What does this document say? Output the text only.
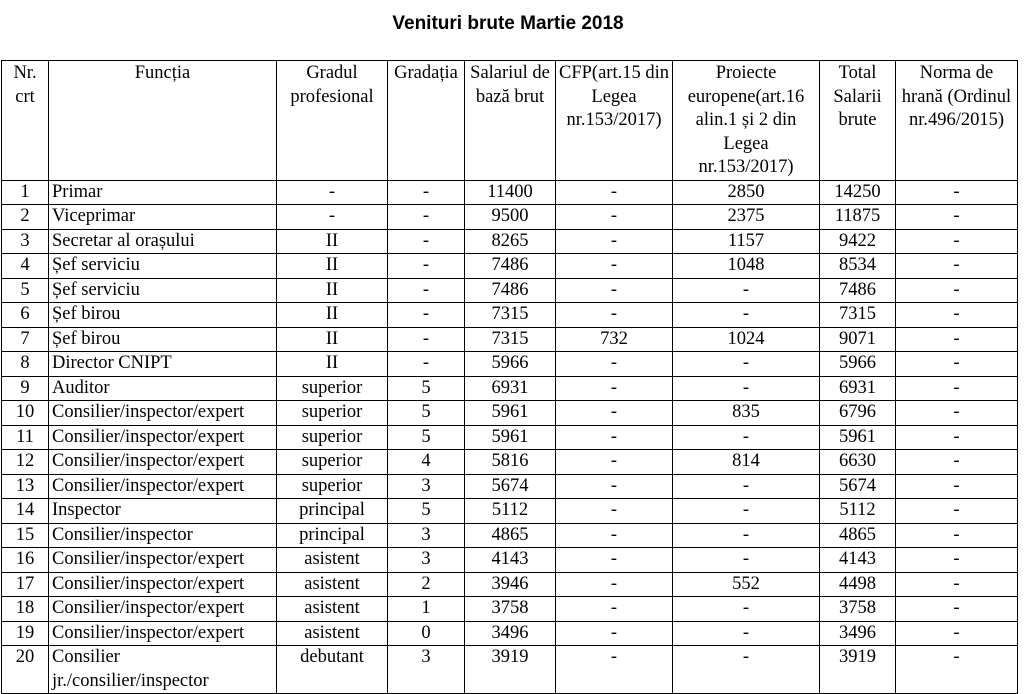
Venituri brute Martie 2018
Nr. crt	Funcția	Gradul profesional	Gradația	Salariul de bază brut	CFP(art.15 din Legea nr.153/2017)	Proiecte europene(art.16 alin.1 și 2 din Legea nr.153/2017)	Total Salarii brute	Norma de hrană (Ordinul nr.496/2015)
1	Primar	-	-	11400	-	2850	14250	-
2	Viceprimar	-	-	9500	-	2375	11875	-
3	Secretar al orașului	II	-	8265	-	1157	9422	-
4	Șef serviciu	II	-	7486	-	1048	8534	-
5	Șef serviciu	II	-	7486	-	-	7486	-
6	Șef birou	II	-	7315	-	-	7315	-
7	Șef birou	II	-	7315	732	1024	9071	-
8	Director CNIPT	II	-	5966	-	-	5966	-
9	Auditor	superior	5	6931	-	-	6931	-
10	Consilier/inspector/expert	superior	5	5961	-	835	6796	-
11	Consilier/inspector/expert	superior	5	5961	-	-	5961	-
12	Consilier/inspector/expert	superior	4	5816	-	814	6630	-
13	Consilier/inspector/expert	superior	3	5674	-	-	5674	-
14	Inspector	principal	5	5112	-	-	5112	-
15	Consilier/inspector	principal	3	4865	-	-	4865	-
16	Consilier/inspector/expert	asistent	3	4143	-	-	4143	-
17	Consilier/inspector/expert	asistent	2	3946	-	552	4498	-
18	Consilier/inspector/expert	asistent	1	3758	-	-	3758	-
19	Consilier/inspector/expert	asistent	0	3496	-	-	3496	-
20	Consilier jr./consilier/inspector	debutant	3	3919	-	-	3919	-
